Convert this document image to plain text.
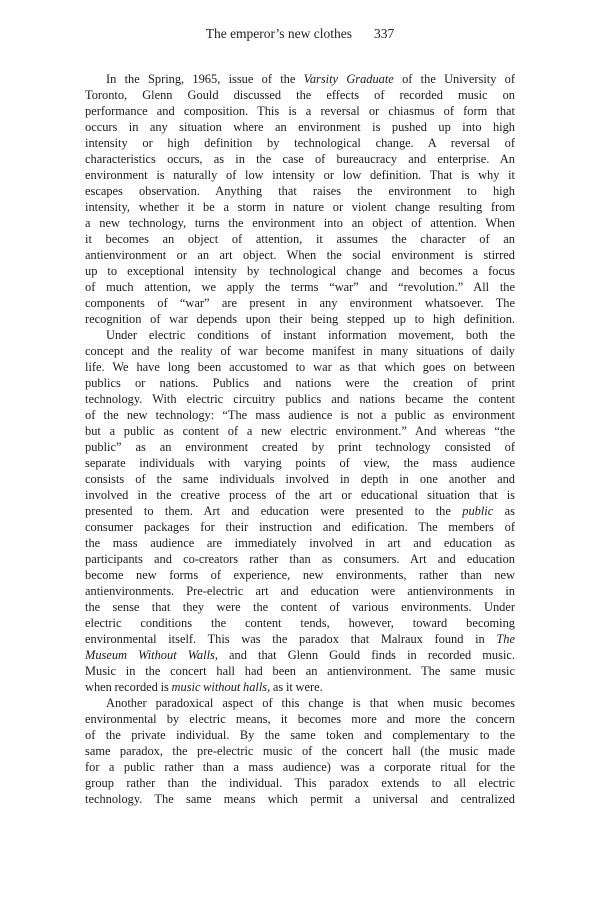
The emperor’s new clothes 337
In the Spring, 1965, issue of the Varsity Graduate of the University of
Toronto, Glenn Gould discussed the effects of recorded music on
performance and composition. This is a reversal or chiasmus of form that
occurs in any situation where an environment is pushed up into high
intensity or high definition by technological change. A reversal of
characteristics occurs, as in the case of bureaucracy and enterprise. An
environment is naturally of low intensity or low definition. That is why it
escapes observation. Anything that raises the environment to high
intensity, whether it be a storm in nature or violent change resulting from
a new technology, turns the environment into an object of attention. When
it becomes an object of attention, it assumes the character of an
antienvironment or an art object. When the social environment is stirred
up to exceptional intensity by technological change and becomes a focus
of much attention, we apply the terms “war” and “revolution.” All the
components of “war” are present in any environment whatsoever. The
recognition of war depends upon their being stepped up to high definition.
Under electric conditions of instant information movement, both the
concept and the reality of war become manifest in many situations of daily
life. We have long been accustomed to war as that which goes on between
publics or nations. Publics and nations were the creation of print
technology. With electric circuitry publics and nations became the content
of the new technology: “The mass audience is not a public as environment
but a public as content of a new electric environment.” And whereas “the
public” as an environment created by print technology consisted of
separate individuals with varying points of view, the mass audience
consists of the same individuals involved in depth in one another and
involved in the creative process of the art or educational situation that is
presented to them. Art and education were presented to the public as
consumer packages for their instruction and edification. The members of
the mass audience are immediately involved in art and education as
participants and co-creators rather than as consumers. Art and education
become new forms of experience, new environments, rather than new
antienvironments. Pre-electric art and education were antienvironments in
the sense that they were the content of various environments. Under
electric conditions the content tends, however, toward becoming
environmental itself. This was the paradox that Malraux found in The
Museum Without Walls, and that Glenn Gould finds in recorded music.
Music in the concert hall had been an antienvironment. The same music
when recorded is music without halls, as it were.
Another paradoxical aspect of this change is that when music becomes
environmental by electric means, it becomes more and more the concern
of the private individual. By the same token and complementary to the
same paradox, the pre-electric music of the concert hall (the music made
for a public rather than a mass audience) was a corporate ritual for the
group rather than the individual. This paradox extends to all electric
technology. The same means which permit a universal and centralized
